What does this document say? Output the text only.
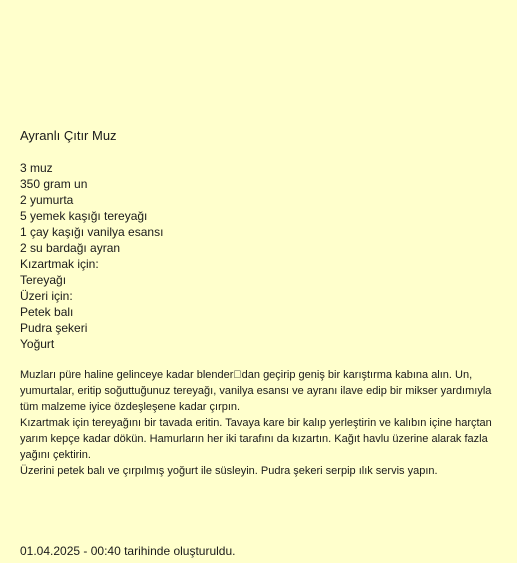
Ayranlı Çıtır Muz
3 muz
350 gram un
2 yumurta
5 yemek kaşığı tereyağı
1 çay kaşığı vanilya esansı
2 su bardağı ayran
Kızartmak için:
Tereyağı
Üzeri için:
Petek balı
Pudra şekeri
Yoğurt

Muzları püre haline gelinceye kadar blender dan geçirip geniş bir karıştırma kabına alın. Un, yumurtalar, eritip soğuttuğunuz tereyağı, vanilya esansı ve ayranı ilave edip bir mikser yardımıyla tüm malzeme iyice özdeşleşene kadar çırpın.

Kızartmak için tereyağını bir tavada eritin. Tavaya kare bir kalıp yerleştirin ve kalıbın içine harçtan yarım kepçe kadar dökün. Hamurların her iki tarafını da kızartın. Kağıt havlu üzerine alarak fazla yağını çektirin.

Üzerini petek balı ve çırpılmış yoğurt ile süsleyin. Pudra şekeri serpip ılık servis yapın.

01.04.2025 - 00:40 tarihinde oluşturuldu.
